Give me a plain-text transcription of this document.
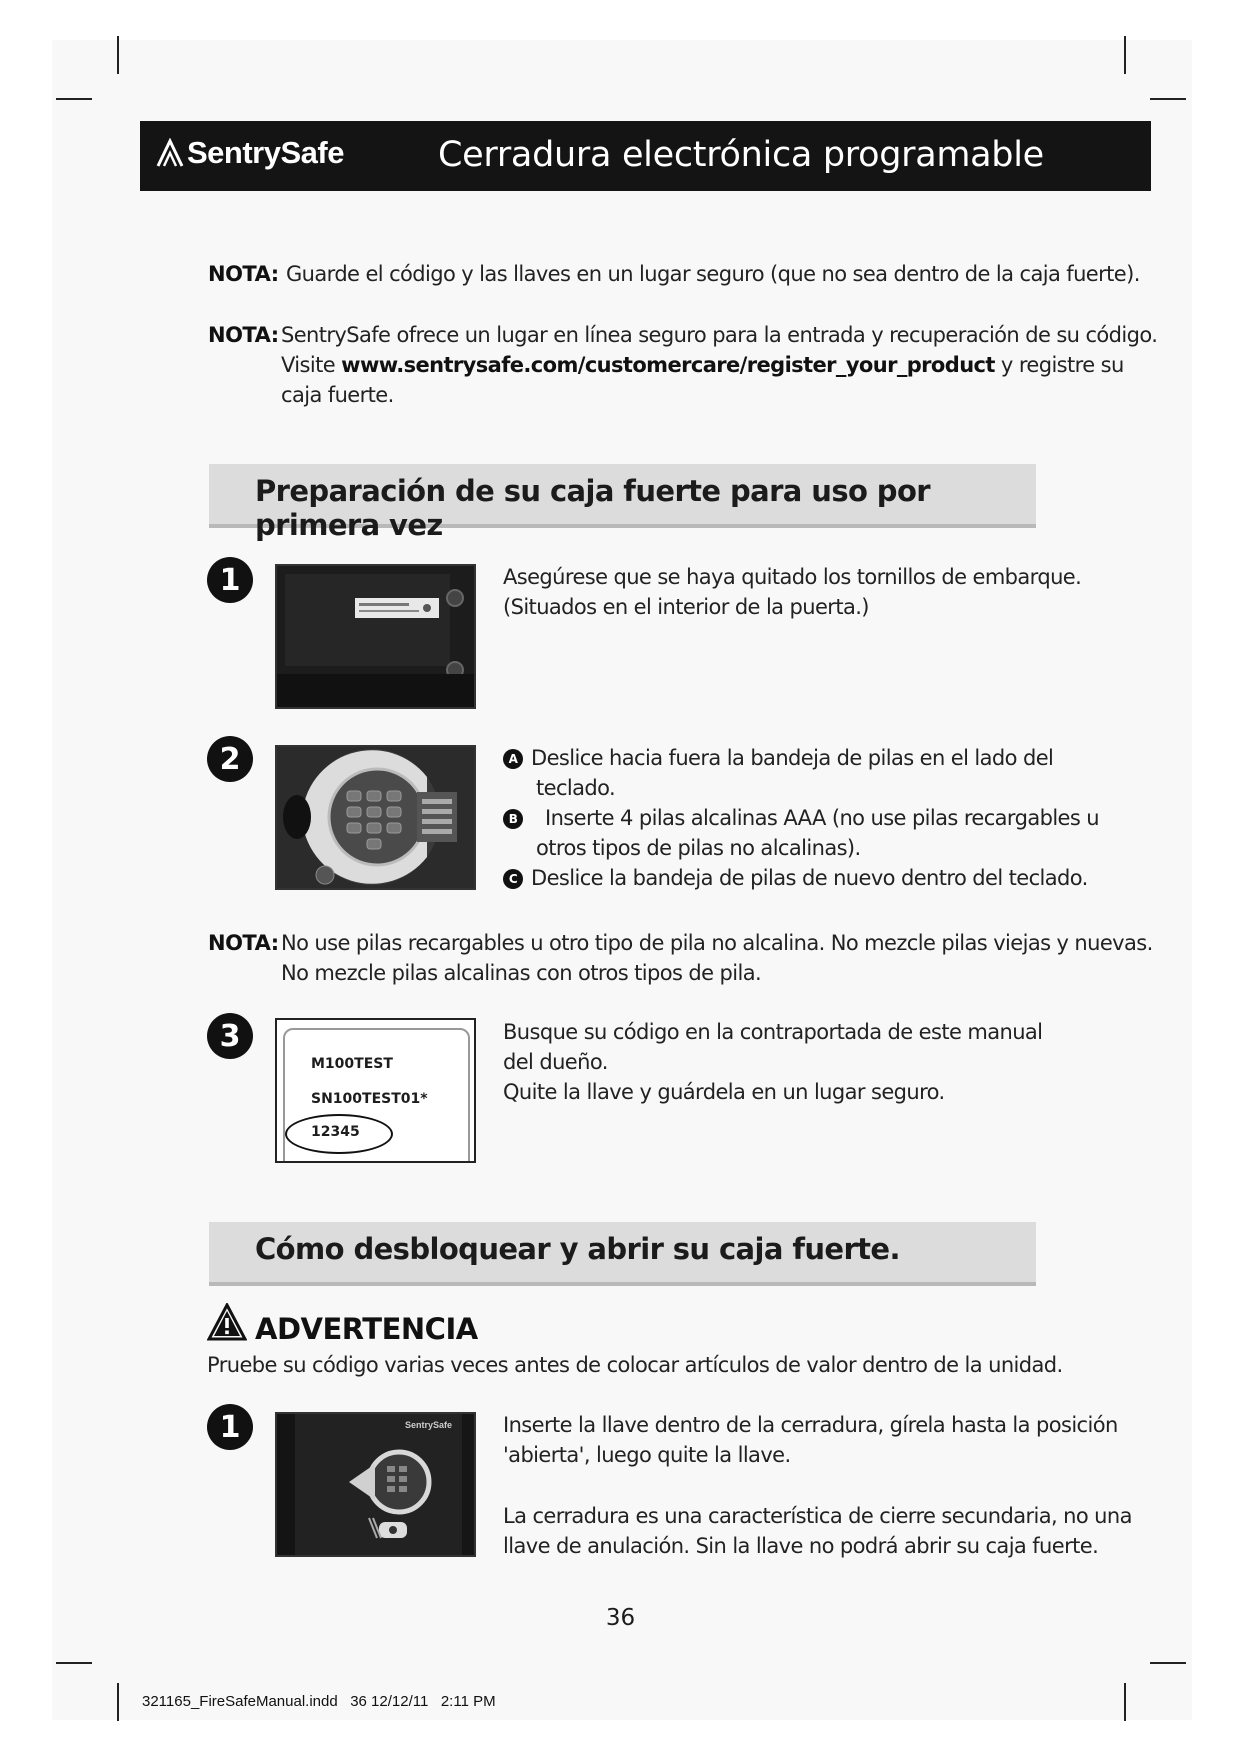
SentrySafe	Cerradura electrónica programable
NOTA: Guarde el código y las llaves en un lugar seguro (que no sea dentro de la caja fuerte).
NOTA: SentrySafe ofrece un lugar en línea seguro para la entrada y recuperación de su código.
Visite www.sentrysafe.com/customercare/register_your_product y registre su
caja fuerte.
Preparación de su caja fuerte para uso por primera vez
1	Asegúrese que se haya quitado los tornillos de embarque.
(Situados en el interior de la puerta.)
2	A Deslice hacia fuera la bandeja de pilas en el lado del
teclado.
B Inserte 4 pilas alcalinas AAA (no use pilas recargables u
otros tipos de pilas no alcalinas).
C Deslice la bandeja de pilas de nuevo dentro del teclado.
NOTA: No use pilas recargables u otro tipo de pila no alcalina. No mezcle pilas viejas y nuevas.
No mezcle pilas alcalinas con otros tipos de pila.
3
M100TEST
SN100TEST01*
12345
Busque su código en la contraportada de este manual
del dueño.
Quite la llave y guárdela en un lugar seguro.
Cómo desbloquear y abrir su caja fuerte.
ADVERTENCIA
Pruebe su código varias veces antes de colocar artículos de valor dentro de la unidad.
1	SentrySafe Inserte la llave dentro de la cerradura, gírela hasta la posición
'abierta', luego quite la llave.
La cerradura es una característica de cierre secundaria, no una
llave de anulación. Sin la llave no podrá abrir su caja fuerte.
36
321165_FireSafeManual.indd   36 12/12/11   2:11 PM
